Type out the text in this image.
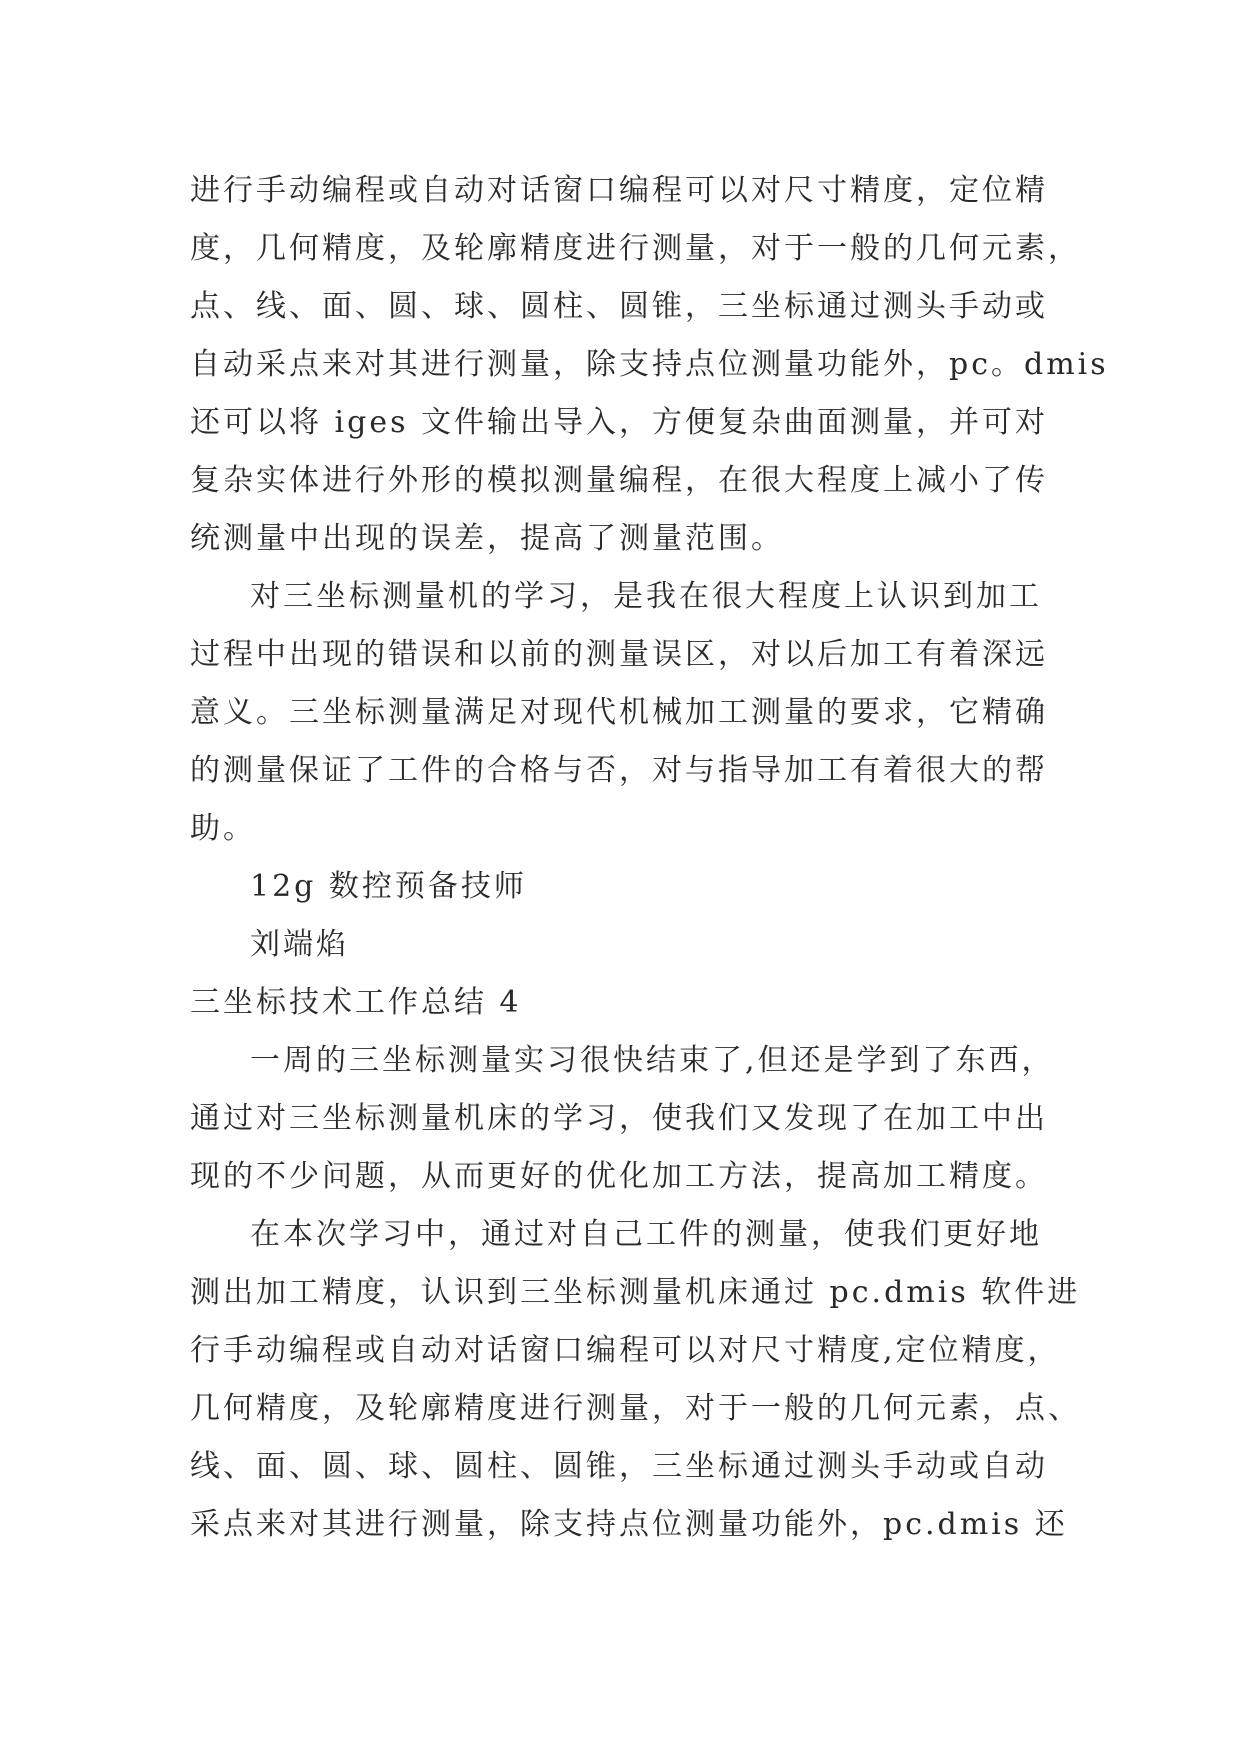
进行手动编程或自动对话窗口编程可以对尺寸精度，定位精
度，几何精度，及轮廓精度进行测量，对于一般的几何元素，
点、线、面、圆、球、圆柱、圆锥，三坐标通过测头手动或
自动采点来对其进行测量，除支持点位测量功能外，pc。dmis
还可以将 iges 文件输出导入，方便复杂曲面测量，并可对
复杂实体进行外形的模拟测量编程，在很大程度上减小了传
统测量中出现的误差，提高了测量范围。
对三坐标测量机的学习，是我在很大程度上认识到加工
过程中出现的错误和以前的测量误区，对以后加工有着深远
意义。三坐标测量满足对现代机械加工测量的要求，它精确
的测量保证了工件的合格与否，对与指导加工有着很大的帮
助。
12g 数控预备技师
刘端焰
三坐标技术工作总结 4
一周的三坐标测量实习很快结束了,但还是学到了东西，
通过对三坐标测量机床的学习，使我们又发现了在加工中出
现的不少问题，从而更好的优化加工方法，提高加工精度。
在本次学习中，通过对自己工件的测量，使我们更好地
测出加工精度，认识到三坐标测量机床通过 pc.dmis 软件进
行手动编程或自动对话窗口编程可以对尺寸精度,定位精度，
几何精度，及轮廓精度进行测量，对于一般的几何元素，点、
线、面、圆、球、圆柱、圆锥，三坐标通过测头手动或自动
采点来对其进行测量，除支持点位测量功能外，pc.dmis 还
